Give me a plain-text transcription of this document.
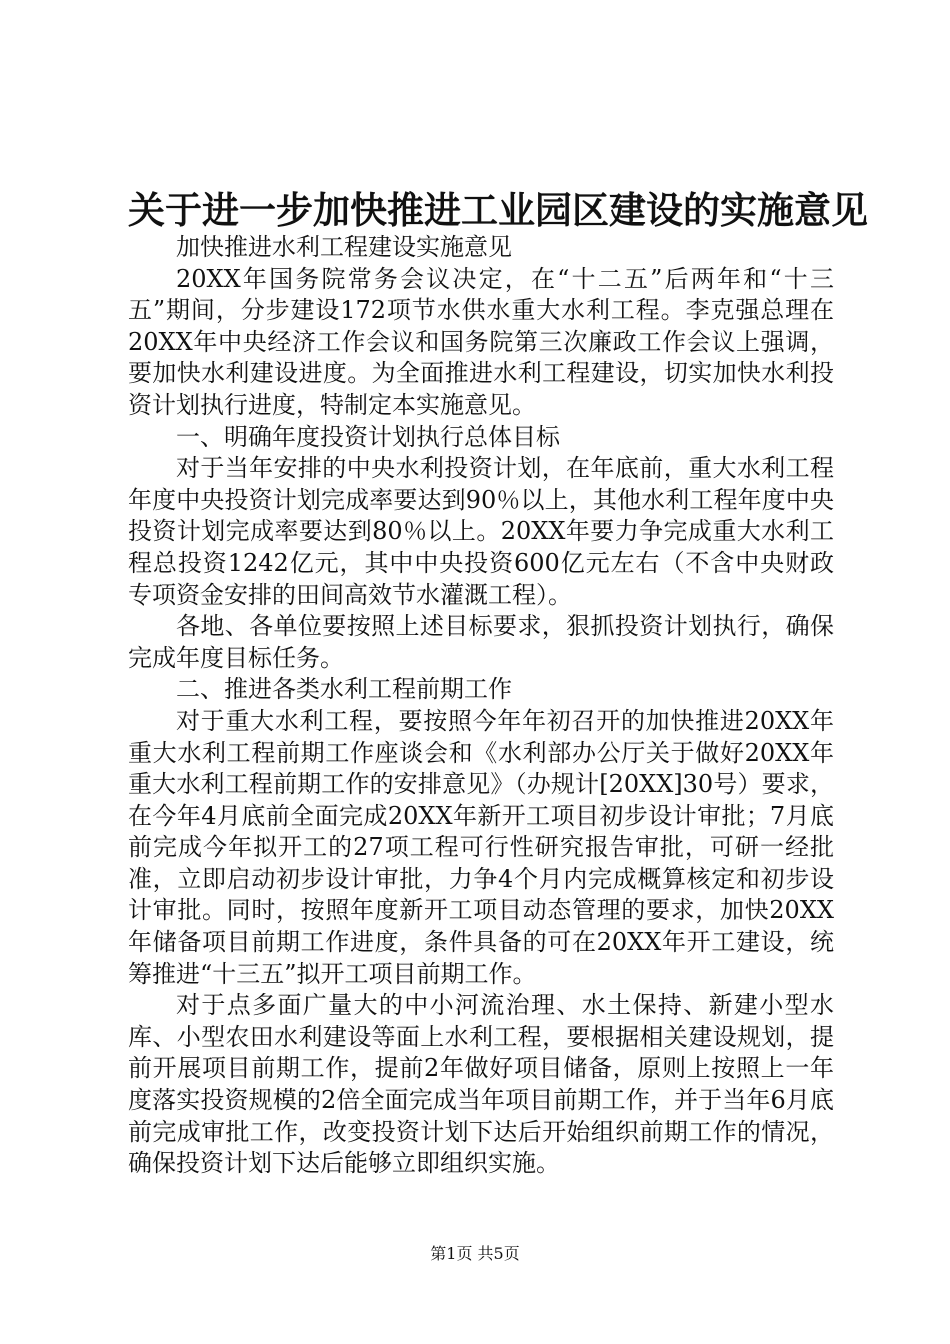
关于进一步加快推进工业园区建设的实施意见

加快推进水利工程建设实施意见

20XX年国务院常务会议决定，在“十二五”后两年和“十三五”期间，分步建设172项节水供水重大水利工程。李克强总理在20XX年中央经济工作会议和国务院第三次廉政工作会议上强调，要加快水利建设进度。为全面推进水利工程建设，切实加快水利投资计划执行进度，特制定本实施意见。

一、明确年度投资计划执行总体目标

对于当年安排的中央水利投资计划，在年底前，重大水利工程年度中央投资计划完成率要达到90％以上，其他水利工程年度中央投资计划完成率要达到80％以上。20XX年要力争完成重大水利工程总投资1242亿元，其中中央投资600亿元左右（不含中央财政专项资金安排的田间高效节水灌溉工程）。

各地、各单位要按照上述目标要求，狠抓投资计划执行，确保完成年度目标任务。

二、推进各类水利工程前期工作

对于重大水利工程，要按照今年年初召开的加快推进20XX年重大水利工程前期工作座谈会和《水利部办公厅关于做好20XX年重大水利工程前期工作的安排意见》（办规计[20XX]30号）要求，在今年4月底前全面完成20XX年新开工项目初步设计审批；7月底前完成今年拟开工的27项工程可行性研究报告审批，可研一经批准，立即启动初步设计审批，力争4个月内完成概算核定和初步设计审批。同时，按照年度新开工项目动态管理的要求，加快20XX年储备项目前期工作进度，条件具备的可在20XX年开工建设，统筹推进“十三五”拟开工项目前期工作。

对于点多面广量大的中小河流治理、水土保持、新建小型水库、小型农田水利建设等面上水利工程，要根据相关建设规划，提前开展项目前期工作，提前2年做好项目储备，原则上按照上一年度落实投资规模的2倍全面完成当年项目前期工作，并于当年6月底前完成审批工作，改变投资计划下达后开始组织前期工作的情况，确保投资计划下达后能够立即组织实施。

第1页 共5页
